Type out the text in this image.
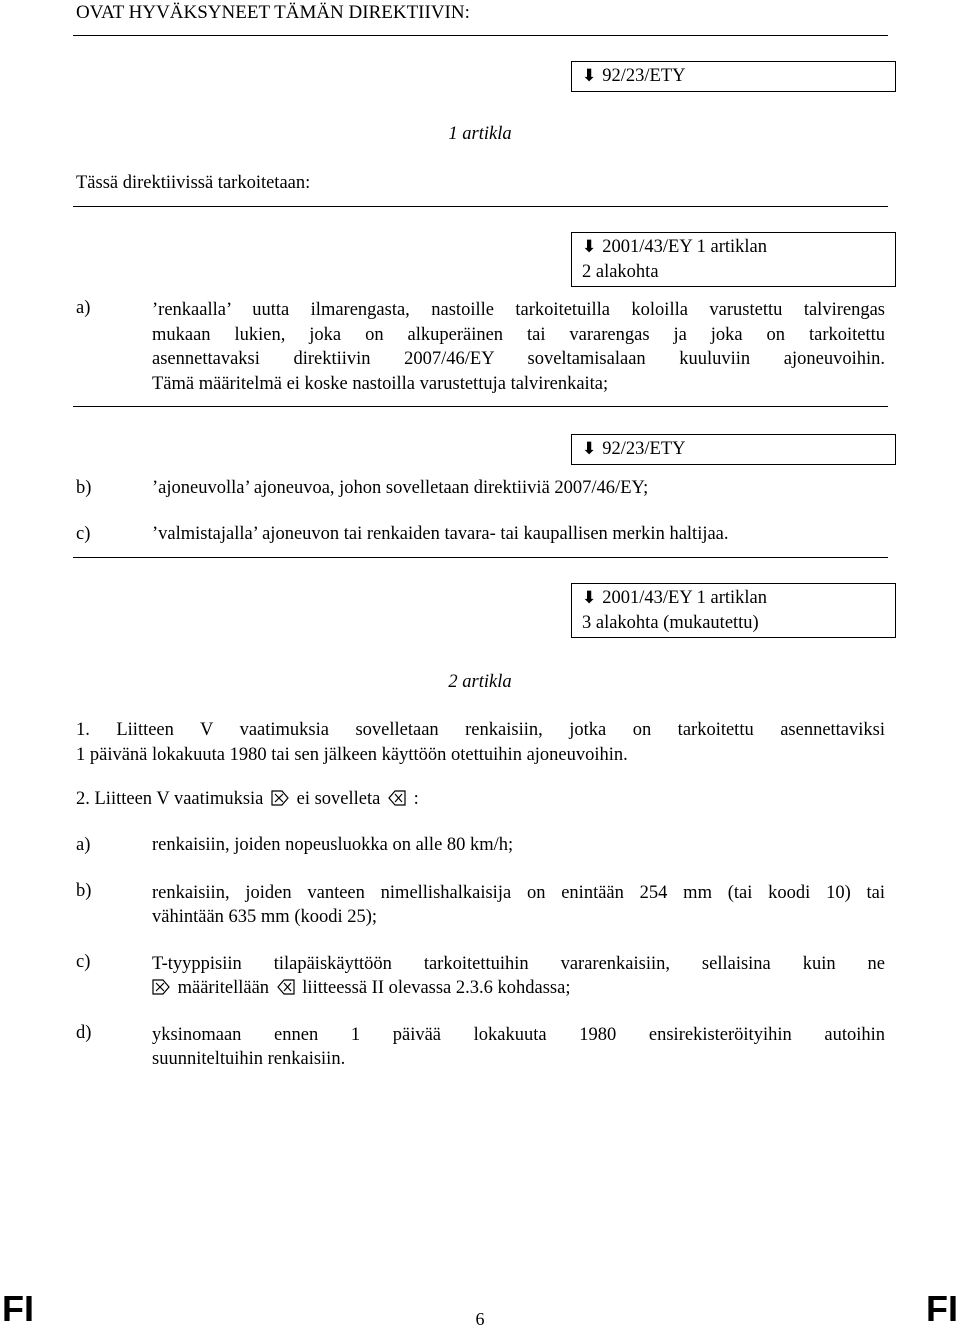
OVAT HYVÄKSYNEET TÄMÄN DIREKTIIVIN:
⬇ 92/23/ETY
1 artikla
Tässä direktiivissä tarkoitetaan:
⬇ 2001/43/EY 1 artiklan
2 alakohta
a)	’renkaalla’ uutta ilmarengasta, nastoille tarkoitetuilla koloilla varustettu talvirengas
mukaan lukien, joka on alkuperäinen tai vararengas ja joka on tarkoitettu
asennettavaksi direktiivin 2007/46/EY soveltamisalaan kuuluviin ajoneuvoihin.
Tämä määritelmä ei koske nastoilla varustettuja talvirenkaita;
⬇ 92/23/ETY
b)	’ajoneuvolla’ ajoneuvoa, johon sovelletaan direktiiviä 2007/46/EY;
c)	’valmistajalla’ ajoneuvon tai renkaiden tavara- tai kaupallisen merkin haltijaa.
⬇ 2001/43/EY 1 artiklan
3 alakohta (mukautettu)
2 artikla
1. Liitteen V vaatimuksia sovelletaan renkaisiin, jotka on tarkoitettu asennettaviksi
1 päivänä lokakuuta 1980 tai sen jälkeen käyttöön otettuihin ajoneuvoihin.
2. Liitteen V vaatimuksia ei sovelleta :
a)	renkaisiin, joiden nopeusluokka on alle 80 km/h;
b)	renkaisiin, joiden vanteen nimellishalkaisija on enintään 254 mm (tai koodi 10) tai
vähintään 635 mm (koodi 25);
c)	T-tyyppisiin tilapäiskäyttöön tarkoitettuihin vararenkaisiin, sellaisina kuin ne
määritellään liitteessä II olevassa 2.3.6 kohdassa;
d)	yksinomaan ennen 1 päivää lokakuuta 1980 ensirekisteröityihin autoihin
suunniteltuihin renkaisiin.
FI	6	FI
